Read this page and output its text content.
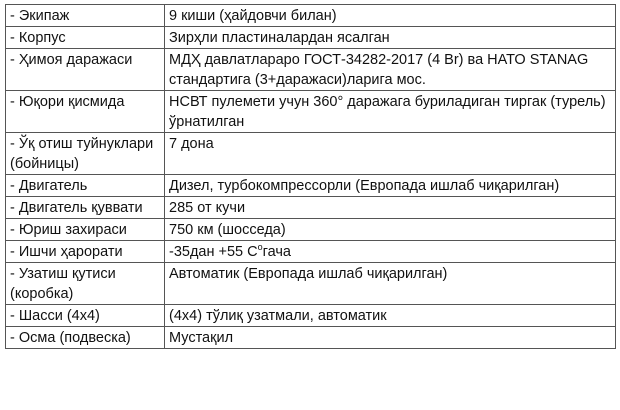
- Экипаж	9 киши (ҳайдовчи билан)
- Корпус	Зирҳли пластиналардан ясалган
- Ҳимоя даражаси	МДҲ давлатлараро ГОСТ-34282-2017 (4 Br) ва НАТО STANAG стандартига (3+даражаси)ларига мос.
- Юқори қисмида	НСВТ пулемети учун 360° даражага буриладиган тиргак (турель) ўрнатилган
- Ўқ отиш туйнуклари (бойницы)	7 дона
- Двигатель	Дизел, турбокомпрессорли (Европада ишлаб чиқарилган)
- Двигатель қуввати	285 от кучи
- Юриш захираси	750 км (шосседа)
- Ишчи ҳарорати	-35дан +55 $С^огача$
- Узатиш қутиси (коробка)	Автоматик (Европада ишлаб чиқарилган)
- Шасси (4х4)	(4х4) тўлиқ узатмали, автоматик
- Осма (подвеска)	Мустақил
